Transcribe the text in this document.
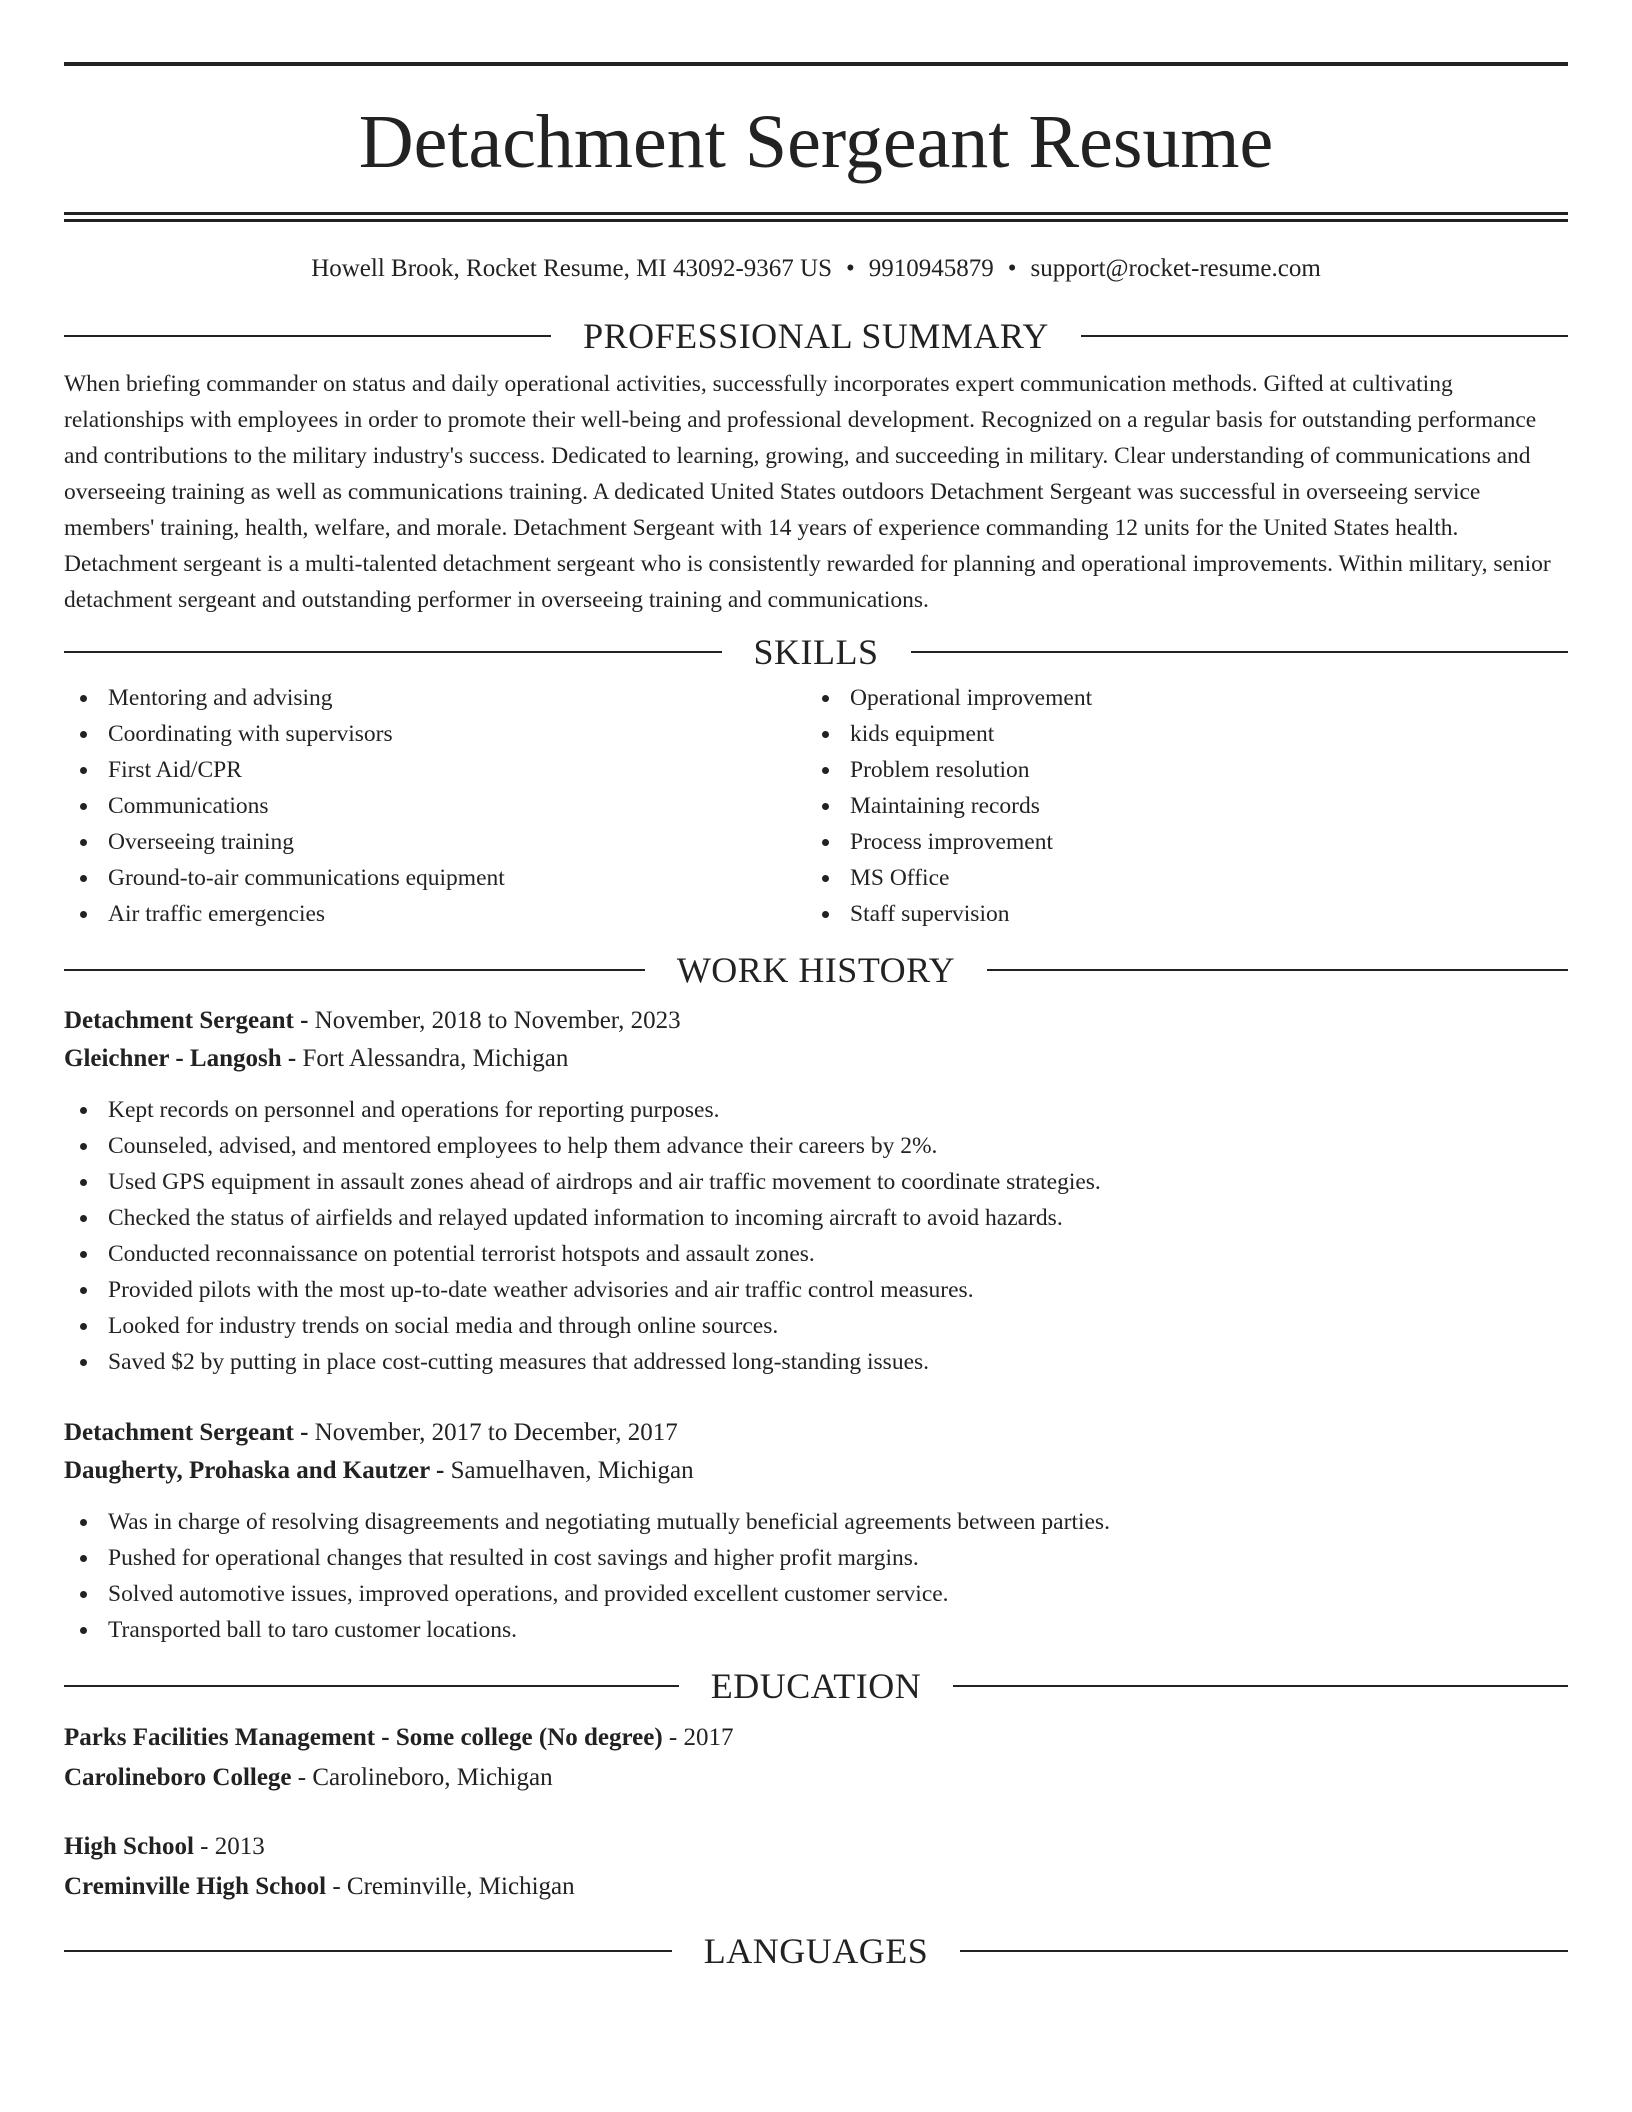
Detachment Sergeant Resume
Howell Brook, Rocket Resume, MI 43092-9367 US • 9910945879 • support@rocket-resume.com
PROFESSIONAL SUMMARY

When briefing commander on status and daily operational activities, successfully incorporates expert communication methods. Gifted at cultivating relationships with employees in order to promote their well-being and professional development. Recognized on a regular basis for outstanding performance and contributions to the military industry's success. Dedicated to learning, growing, and succeeding in military. Clear understanding of communications and overseeing training as well as communications training. A dedicated United States outdoors Detachment Sergeant was successful in overseeing service members' training, health, welfare, and morale. Detachment Sergeant with 14 years of experience commanding 12 units for the United States health. Detachment sergeant is a multi-talented detachment sergeant who is consistently rewarded for planning and operational improvements. Within military, senior detachment sergeant and outstanding performer in overseeing training and communications.

SKILLS
Mentoring and advising
Coordinating with supervisors
First Aid/CPR
Communications
Overseeing training
Ground-to-air communications equipment
Air traffic emergencies
Operational improvement
kids equipment
Problem resolution
Maintaining records
Process improvement
MS Office
Staff supervision
WORK HISTORY
Detachment Sergeant - November, 2018 to November, 2023
Gleichner - Langosh - Fort Alessandra, Michigan
Kept records on personnel and operations for reporting purposes.
Counseled, advised, and mentored employees to help them advance their careers by 2%.
Used GPS equipment in assault zones ahead of airdrops and air traffic movement to coordinate strategies.
Checked the status of airfields and relayed updated information to incoming aircraft to avoid hazards.
Conducted reconnaissance on potential terrorist hotspots and assault zones.
Provided pilots with the most up-to-date weather advisories and air traffic control measures.
Looked for industry trends on social media and through online sources.
Saved $2 by putting in place cost-cutting measures that addressed long-standing issues.
Detachment Sergeant - November, 2017 to December, 2017
Daugherty, Prohaska and Kautzer - Samuelhaven, Michigan
Was in charge of resolving disagreements and negotiating mutually beneficial agreements between parties.
Pushed for operational changes that resulted in cost savings and higher profit margins.
Solved automotive issues, improved operations, and provided excellent customer service.
Transported ball to taro customer locations.
EDUCATION
Parks Facilities Management - Some college (No degree) - 2017
Carolineboro College - Carolineboro, Michigan
High School - 2013
Creminville High School - Creminville, Michigan
LANGUAGES
